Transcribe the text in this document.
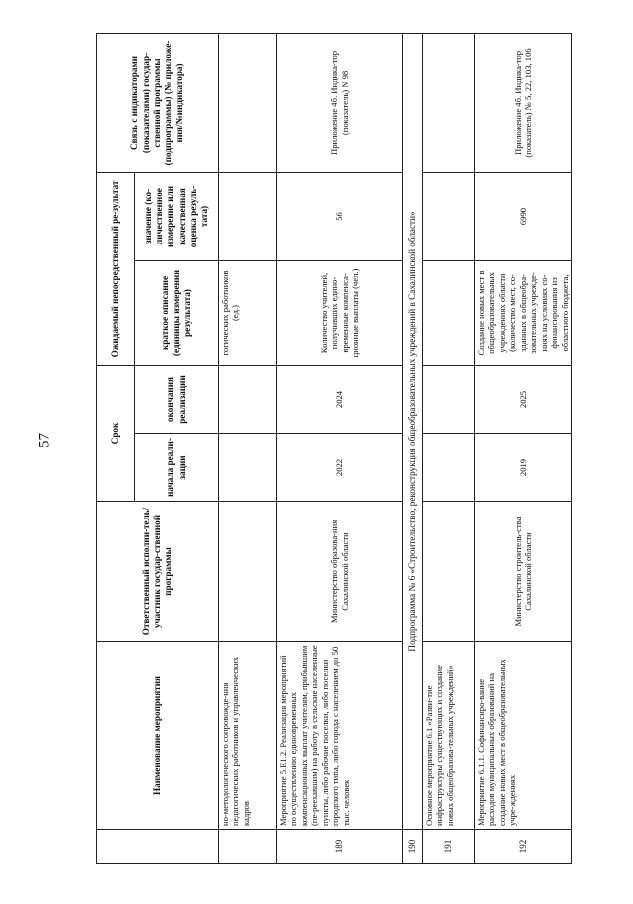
57
	Наименование мероприятия	Ответственный исполни-тель/участник государ-ственной программы	Срок		Ожидаемый непосредственный ре-зультат		Связь с индикаторами (показателями) государ-ственной программы (подпрограммы) (№ приложе-ния/№индикатора)
			начала реали-зации	окончания реализации	краткое описание (единицы измерения результата)	значение (ко-личественное измерение или качественная оценка резуль-тата)	
	но-методологического сопровожде-ния педагогических работников и управленческих кадров				гогических работников (ед.)		
189	Мероприятие 5.Е1.2. Реализация мероприятий по осуществлению единовременных компенсационных выплат учителям, прибывшим (пе-реехавшим) на работу в сельские населенные пункты, либо рабочие поселки, либо поселки городского типа, либо города с населением до 50 тыс. человек	Министерство образова-ния Сахалинской области	2022	2024	Количество учителей, получивших едино-временные компенса-ционные выплаты (чел.)	56	Приложение 4б. Индика-тор (показатель) N 98
190	Подпрограмма № 6 «Строительство, реконструкция общеобразовательных учреждений в Сахалинской области»						
191	Основное мероприятие 6.1 «Разви-тие инфраструктуры существующих и создание новых общеобразова-тельных учреждений»						
192	Мероприятие 6.1.1. Софинансиро-вание расходов муниципальных образований на создание новых мест в общеобразовательных учре-ждениях	Министерство строитель-ства Сахалинской области	2019	2025	Создание новых мест в общеобразовательных учреждениях области (количество мест, со-зданных в общеобра-зовательных учрежде-ниях на условиях со-финансирования из областного бюджета,	6990	Приложение 4б. Индика-тор (показатель) № 5, 22, 103, 106
